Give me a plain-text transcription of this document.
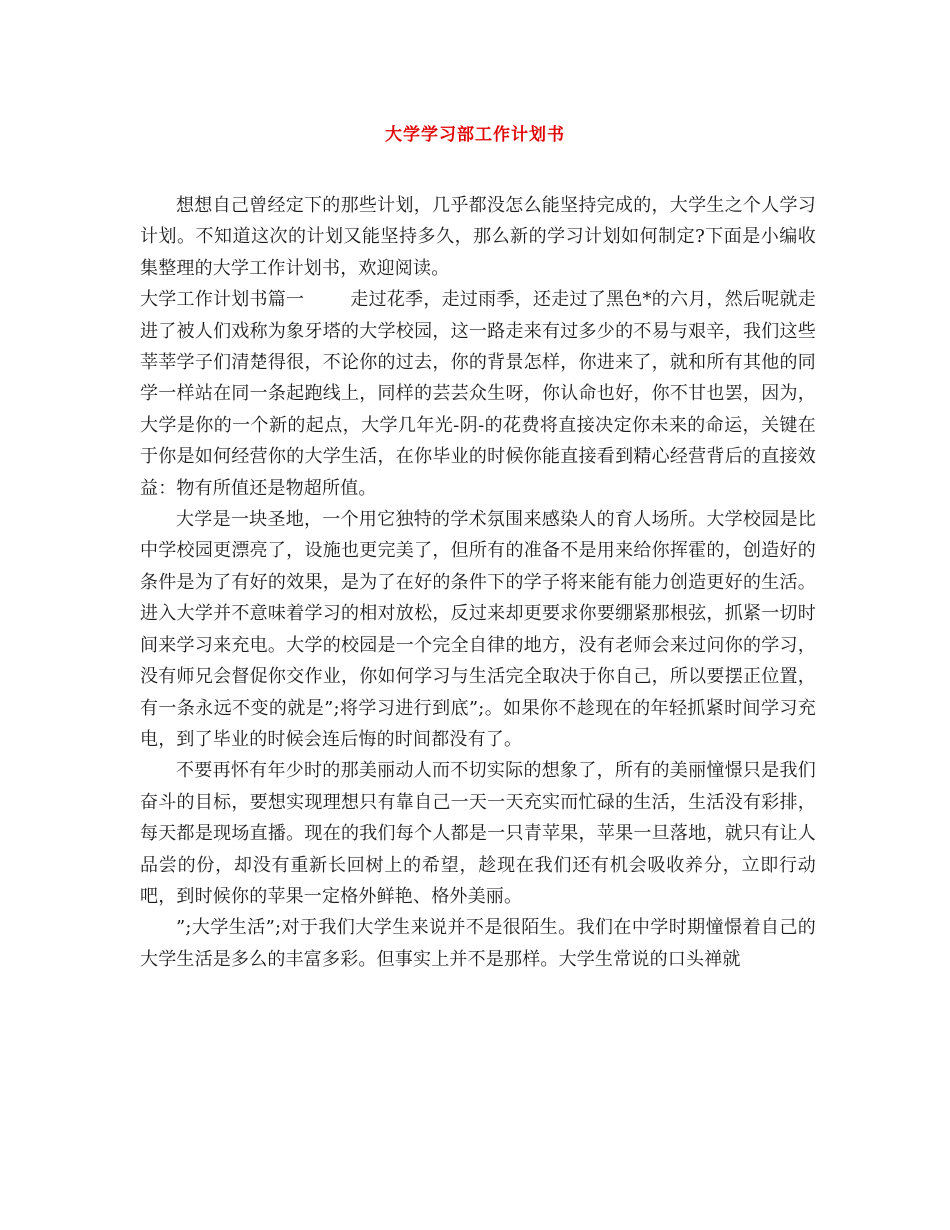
大学学习部工作计划书

想想自己曾经定下的那些计划，几乎都没怎么能坚持完成的，大学生之个人学习计划。不知道这次的计划又能坚持多久，那么新的学习计划如何制定?下面是小编收集整理的大学工作计划书，欢迎阅读。

大学工作计划书篇一	走过花季，走过雨季，还走过了黑色*的六月，然后呢就走进了被人们戏称为象牙塔的大学校园，这一路走来有过多少的不易与艰辛，我们这些莘莘学子们清楚得很，不论你的过去，你的背景怎样，你进来了，就和所有其他的同学一样站在同一条起跑线上，同样的芸芸众生呀，你认命也好，你不甘也罢，因为，大学是你的一个新的起点，大学几年光-阴-的花费将直接决定你未来的命运，关键在于你是如何经营你的大学生活，在你毕业的时候你能直接看到精心经营背后的直接效益：物有所值还是物超所值。

大学是一块圣地，一个用它独特的学术氛围来感染人的育人场所。大学校园是比中学校园更漂亮了，设施也更完美了，但所有的准备不是用来给你挥霍的，创造好的条件是为了有好的效果，是为了在好的条件下的学子将来能有能力创造更好的生活。进入大学并不意味着学习的相对放松，反过来却更要求你要绷紧那根弦，抓紧一切时间来学习来充电。大学的校园是一个完全自律的地方，没有老师会来过问你的学习，没有师兄会督促你交作业，你如何学习与生活完全取决于你自己，所以要摆正位置，有一条永远不变的就是”;将学习进行到底”;。如果你不趁现在的年轻抓紧时间学习充电，到了毕业的时候会连后悔的时间都没有了。

不要再怀有年少时的那美丽动人而不切实际的想象了，所有的美丽憧憬只是我们奋斗的目标，要想实现理想只有靠自己一天一天充实而忙碌的生活，生活没有彩排，每天都是现场直播。现在的我们每个人都是一只青苹果，苹果一旦落地，就只有让人品尝的份，却没有重新长回树上的希望，趁现在我们还有机会吸收养分，立即行动吧，到时候你的苹果一定格外鲜艳、格外美丽。

”;大学生活”;对于我们大学生来说并不是很陌生。我们在中学时期憧憬着自己的大学生活是多么的丰富多彩。但事实上并不是那样。大学生常说的口头禅就
